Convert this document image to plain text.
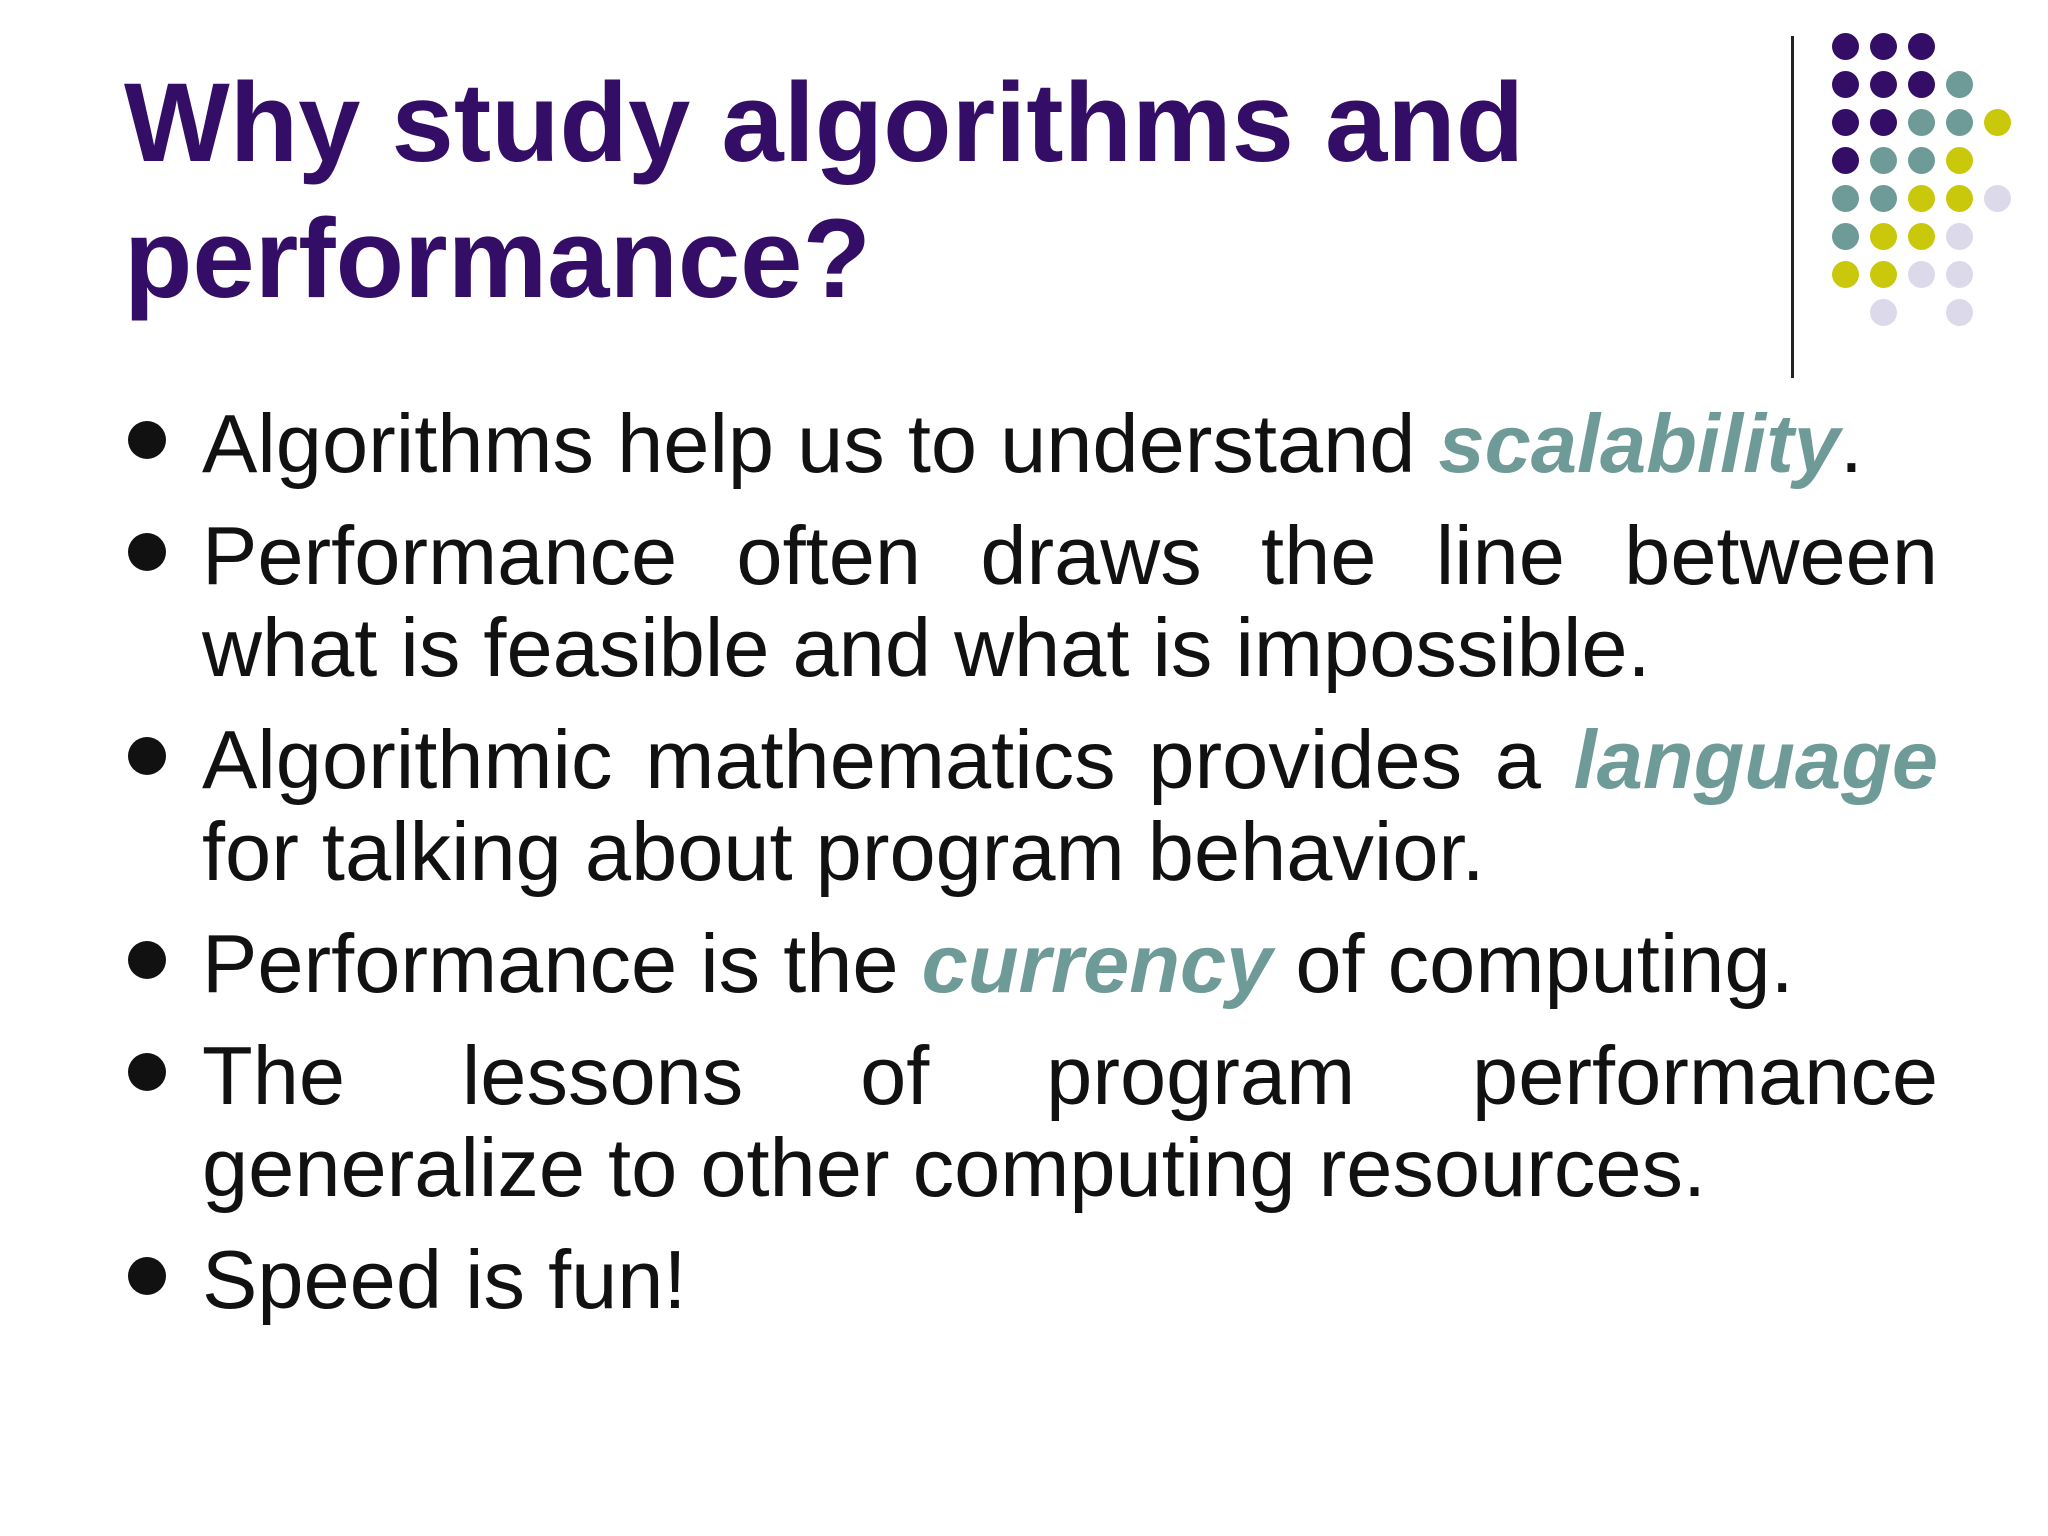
Why study algorithms and performance?
Algorithms help us to understand scalability.
Performance often draws the line between what is feasible and what is impossible.
Algorithmic mathematics provides a language for talking about program behavior.
Performance is the currency of computing.
The lessons of program performance generalize to other computing resources.
Speed is fun!
